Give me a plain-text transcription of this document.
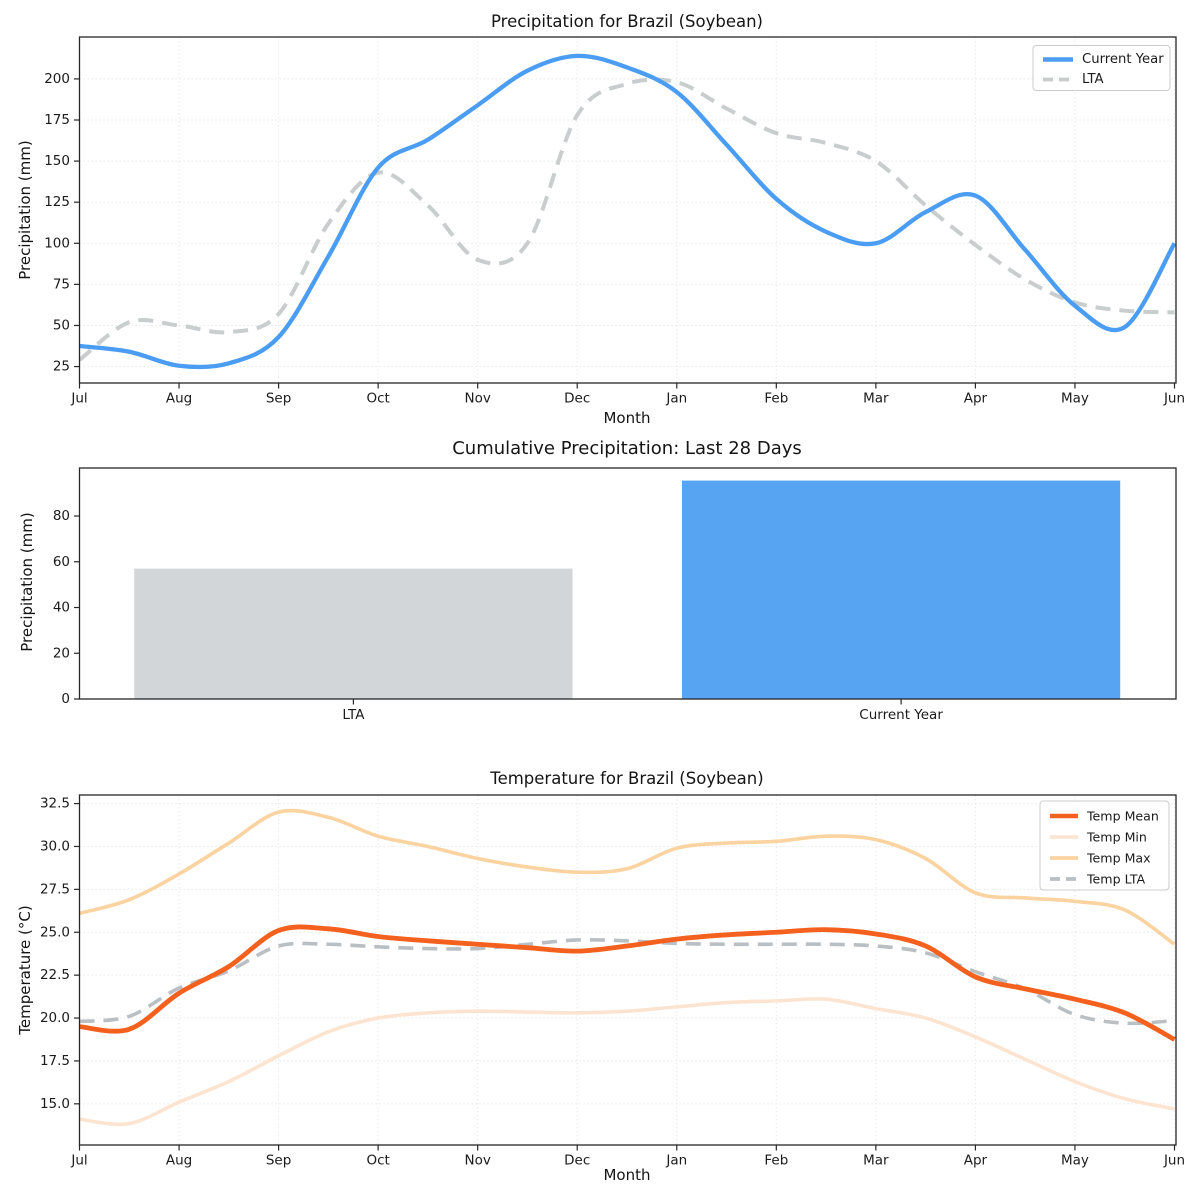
Precipitation for Brazil (Soybean)
25
50
75
100
125
150
175
200
Jul	Aug	Sep	Oct	Nov	Dec	Jan	Feb	Mar	Apr	May	Jun
Current Year
LTA
Month
Precipitation (mm)
Cumulative Precipitation: Last 28 Days
0
20
40
60
80
LTA	Current Year
Precipitation (mm)
Temperature for Brazil (Soybean)
15.0
17.5
20.0
22.5
25.0
27.5
30.0
32.5
Jul	Aug	Sep	Oct	Nov	Dec	Jan	Feb	Mar	Apr	May	Jun
Temp Mean
Temp Min
Temp Max
Temp LTA
Month
Temperature (°C)
